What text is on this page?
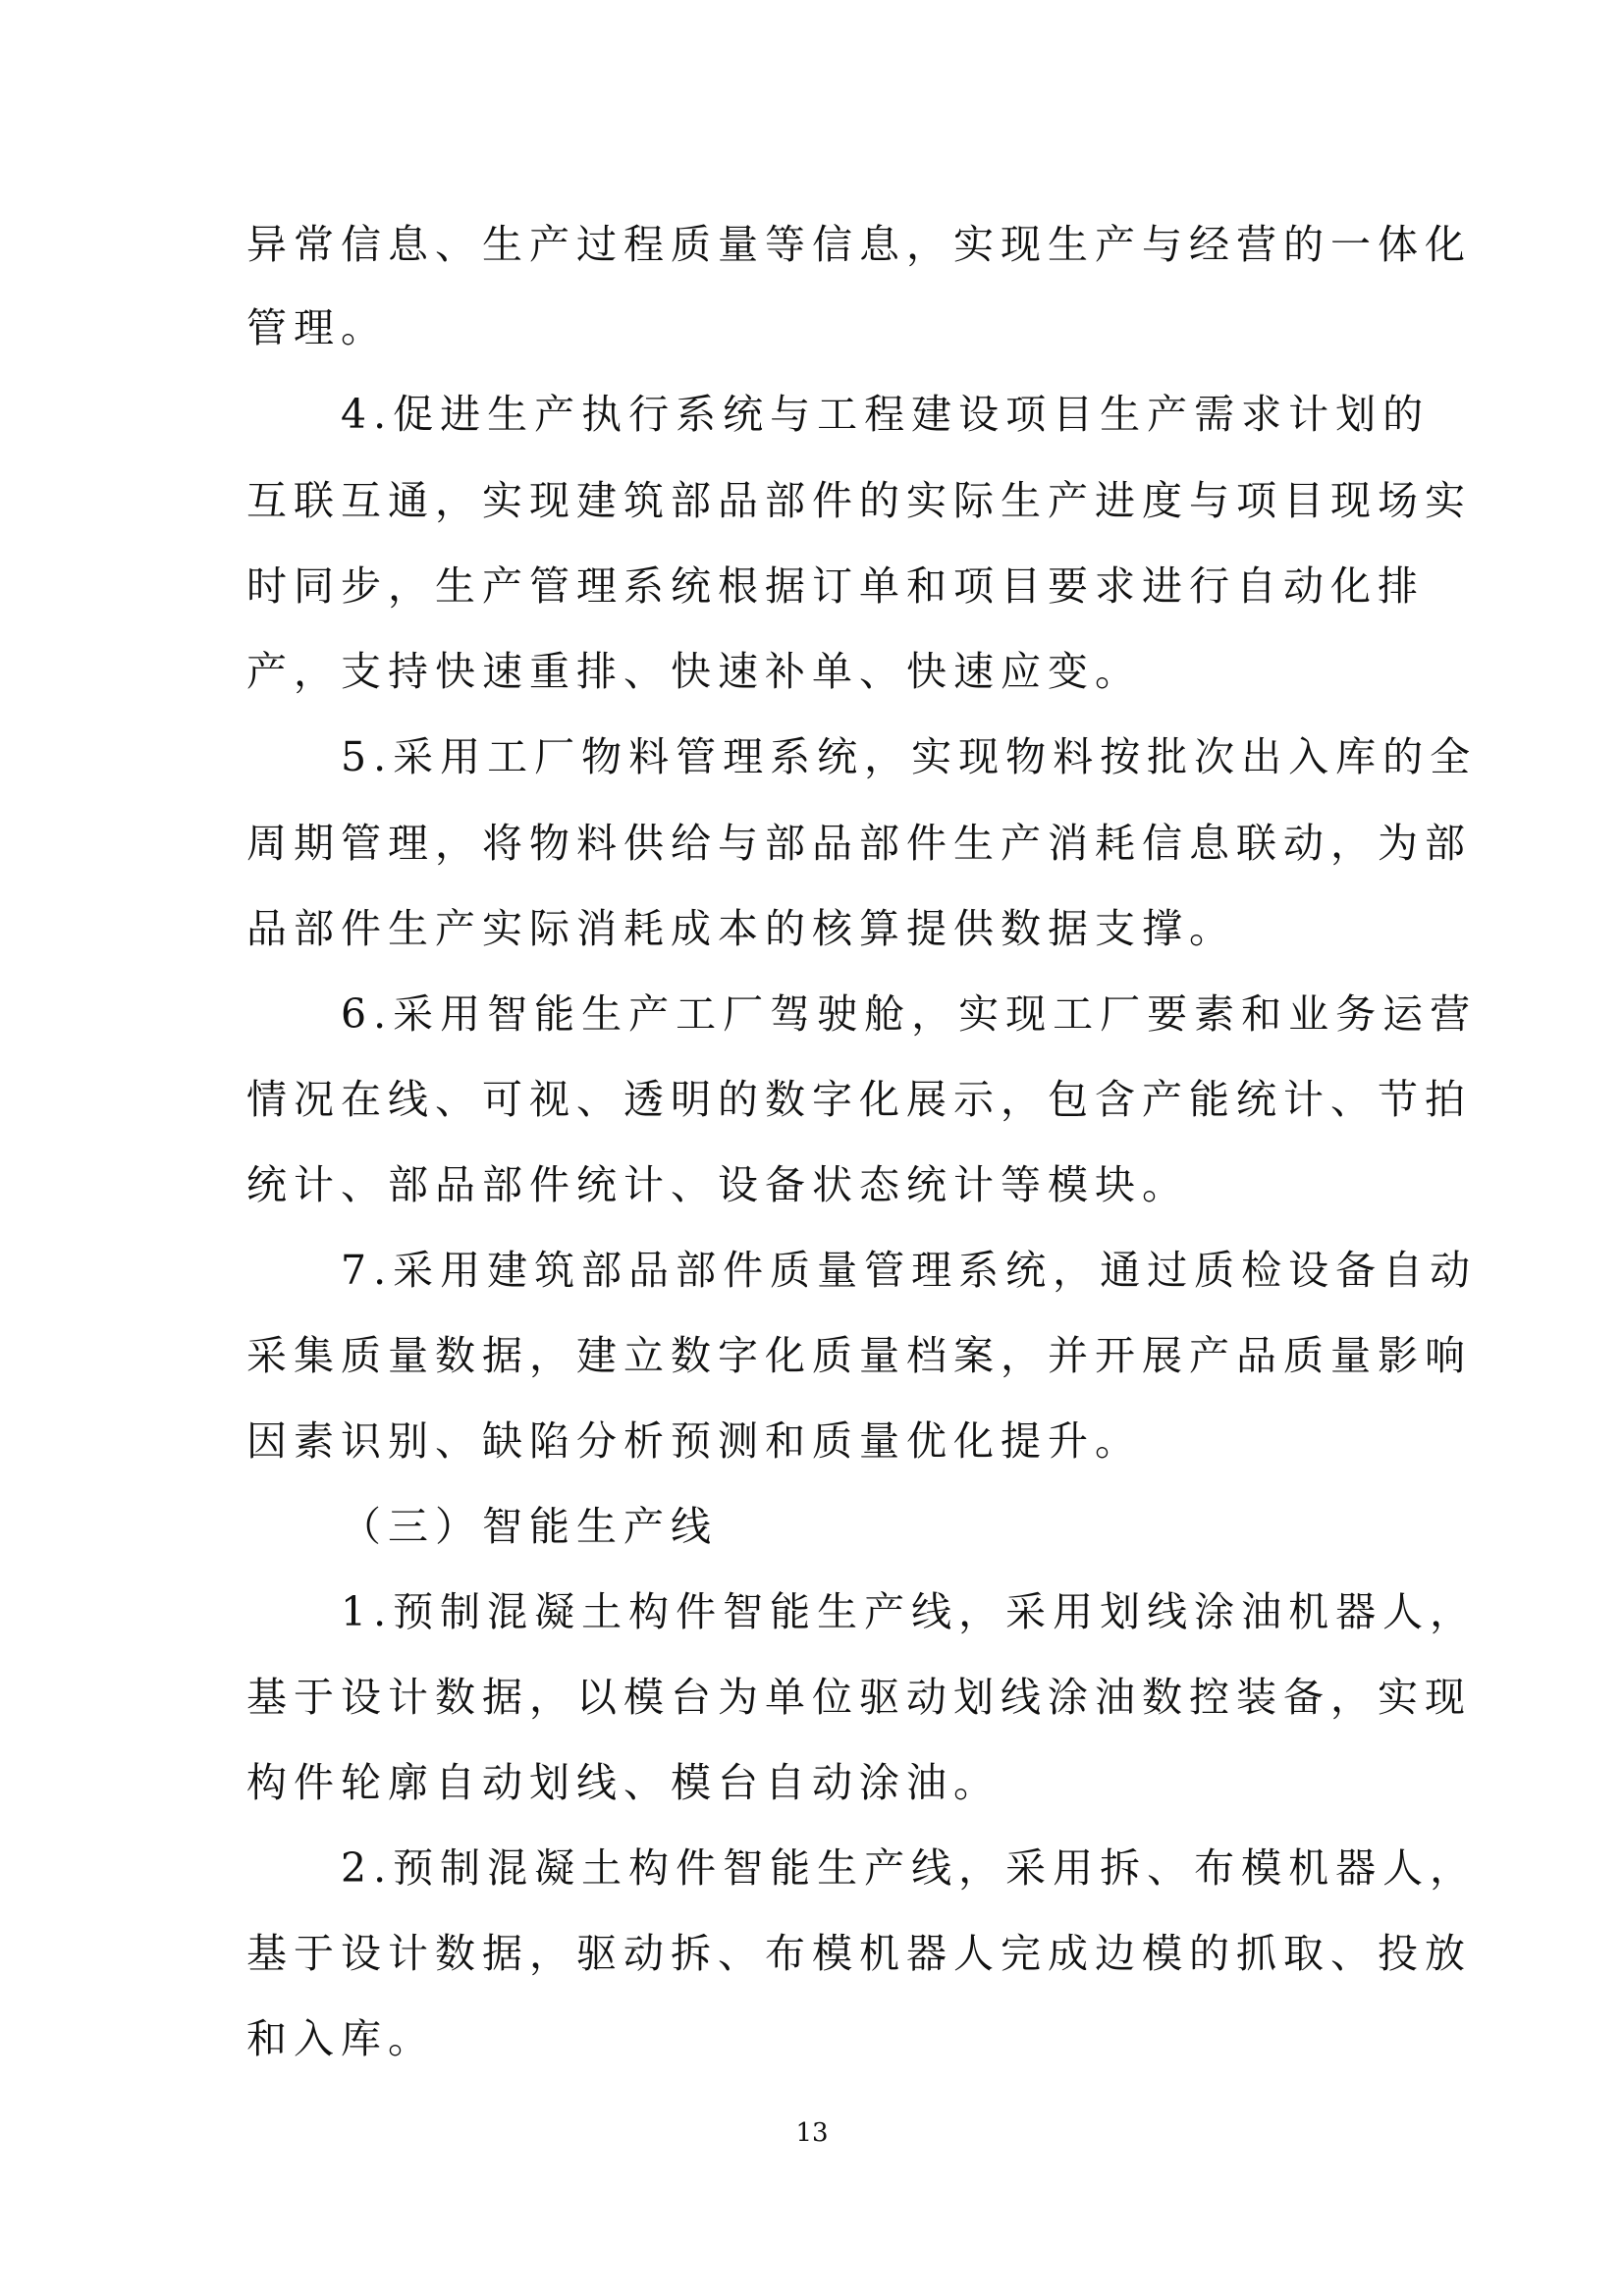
异常信息、生产过程质量等信息，实现生产与经营的一体化
管理。
4.促进生产执行系统与工程建设项目生产需求计划的
互联互通，实现建筑部品部件的实际生产进度与项目现场实
时同步，生产管理系统根据订单和项目要求进行自动化排
产，支持快速重排、快速补单、快速应变。
5.采用工厂物料管理系统，实现物料按批次出入库的全
周期管理，将物料供给与部品部件生产消耗信息联动，为部
品部件生产实际消耗成本的核算提供数据支撑。
6.采用智能生产工厂驾驶舱，实现工厂要素和业务运营
情况在线、可视、透明的数字化展示，包含产能统计、节拍
统计、部品部件统计、设备状态统计等模块。
7.采用建筑部品部件质量管理系统，通过质检设备自动
采集质量数据，建立数字化质量档案，并开展产品质量影响
因素识别、缺陷分析预测和质量优化提升。
（三）智能生产线
1.预制混凝土构件智能生产线，采用划线涂油机器人，
基于设计数据，以模台为单位驱动划线涂油数控装备，实现
构件轮廓自动划线、模台自动涂油。
2.预制混凝土构件智能生产线，采用拆、布模机器人，
基于设计数据，驱动拆、布模机器人完成边模的抓取、投放
和入库。
13
